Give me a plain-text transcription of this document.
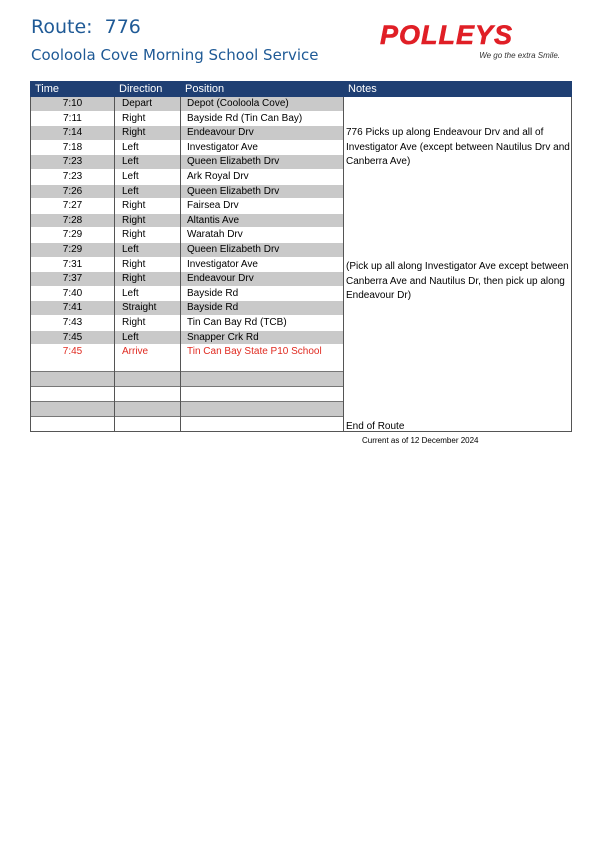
Route: 776
Cooloola Cove Morning School Service
POLLEYS
We go the extra Smile.
Time	Direction	Position	Notes
7:10	Depart	Depot (Cooloola Cove)	
7:11	Right	Bayside Rd (Tin Can Bay)	
7:14	Right	Endeavour Drv	
7:18	Left	Investigator Ave	
7:23	Left	Queen Elizabeth Drv	
7:23	Left	Ark Royal Drv	
7:26	Left	Queen Elizabeth Drv	
7:27	Right	Fairsea Drv	
7:28	Right	Altantis Ave	
7:29	Right	Waratah Drv	
7:29	Left	Queen Elizabeth Drv	
7:31	Right	Investigator Ave	
7:37	Right	Endeavour Drv	
7:40	Left	Bayside Rd	
7:41	Straight	Bayside Rd	
7:43	Right	Tin Can Bay Rd (TCB)	
7:45	Left	Snapper Crk Rd	
7:45	Arrive	Tin Can Bay State P10 School	

776 Picks up along Endeavour Drv and all of Investigator Ave (except between Nautilus Drv and Canberra Ave)
(Pick up all along Investigator Ave except between Canberra Ave and Nautilus Dr, then pick up along Endeavour Dr)
End of Route
Current as of 12 December 2024
